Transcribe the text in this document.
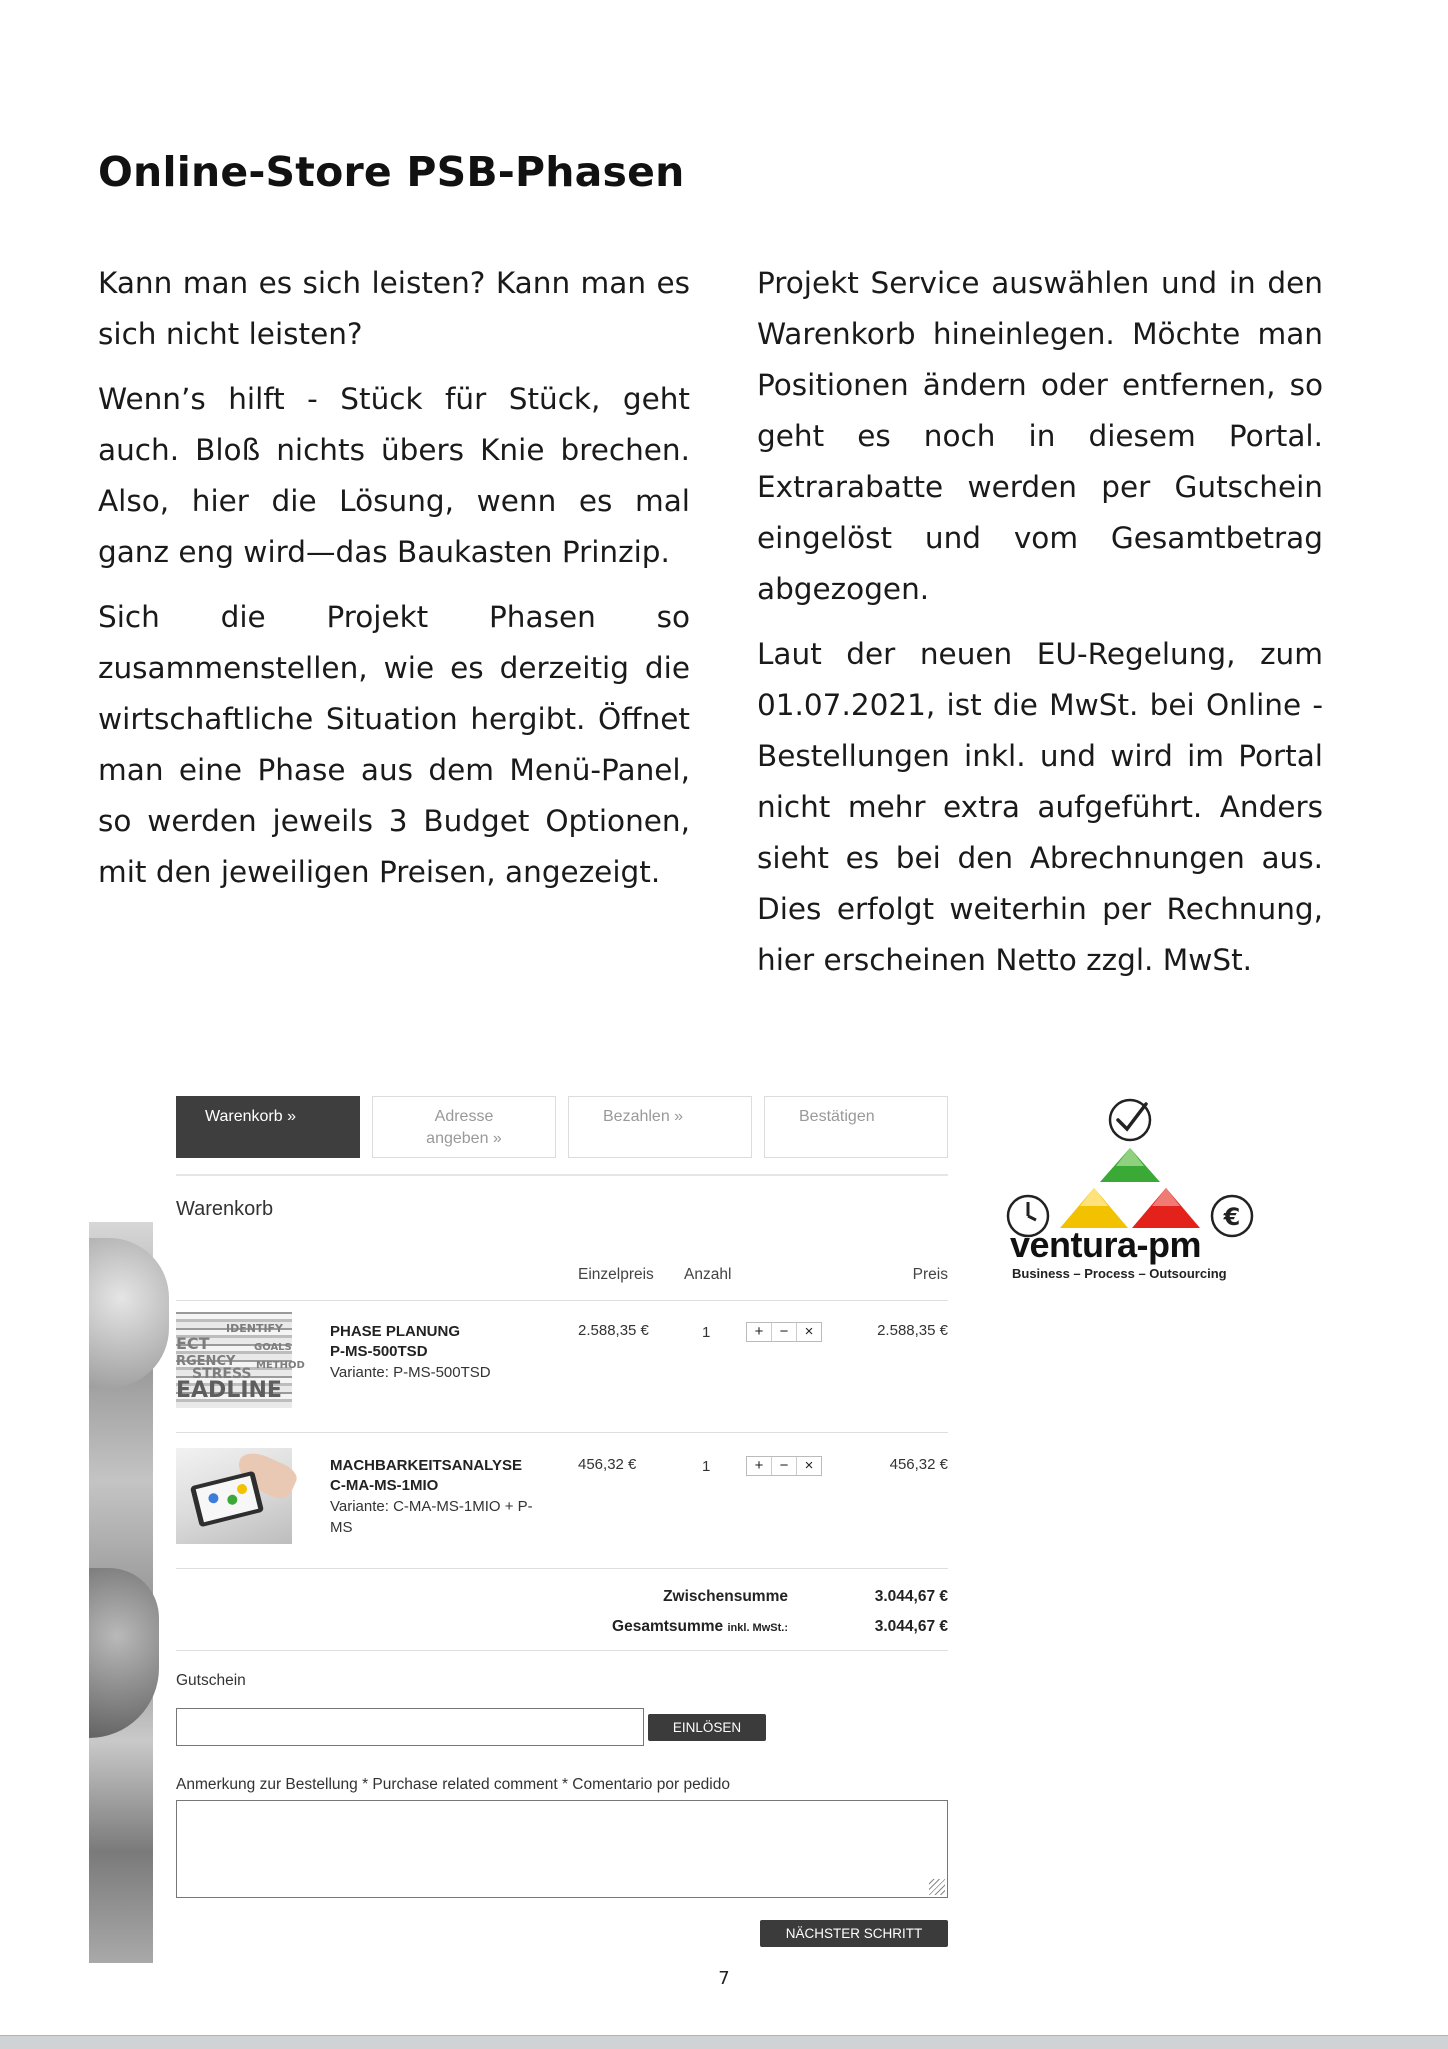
Online-Store PSB-Phasen

Kann man es sich leisten? Kann man es sich nicht leisten?

Wenn’s hilft - Stück für Stück, geht auch. Bloß nichts übers Knie brechen. Also, hier die Lösung, wenn es mal ganz eng wird—das Baukasten Prinzip.

Sich die Projekt Phasen so zusammenstellen, wie es derzeitig die wirtschaftliche Situation hergibt. Öffnet man eine Phase aus dem Menü-Panel, so werden jeweils 3 Budget Optionen, mit den jeweiligen Preisen, angezeigt.

Projekt Service auswählen und in den Warenkorb hineinlegen. Möchte man Positionen ändern oder entfernen, so geht es noch in diesem Portal. Extrarabatte werden per Gutschein eingelöst und vom Gesamtbetrag abgezogen.

Laut der neuen EU-Regelung, zum 01.07.2021, ist die MwSt. bei Online - Bestellungen inkl. und wird im Portal nicht mehr extra aufgeführt. Anders sieht es bei den Abrechnungen aus. Dies erfolgt weiterhin per Rechnung, hier erscheinen Netto zzgl. MwSt.

Warenkorb »	Adresse angeben »
Bezahlen »	Bestätigen
Warenkorb
Einzelpreis Anzahl	Preis
IDENTIFY
ECT
RGENCY
STRESS
EADLINE
GOALS
METHOD
PHASE PLANUNG
P-MS-500TSD
Variante: P-MS-500TSD
2.588,35 €	1	+	−	×	2.588,35 €
MACHBARKEITSANALYSE
C-MA-MS-1MIO
Variante: C-MA-MS-1MIO + P-MS
456,32 €	1	+	−	×	456,32 €
Zwischensumme	3.044,67 €
Gesamtsumme inkl. MwSt.:	3.044,67 €
Gutschein
EINLÖSEN
Anmerkung zur Bestellung * Purchase related comment * Comentario por pedido
NÄCHSTER SCHRITT
€
ventura-pm
Business – Process – Outsourcing
7
